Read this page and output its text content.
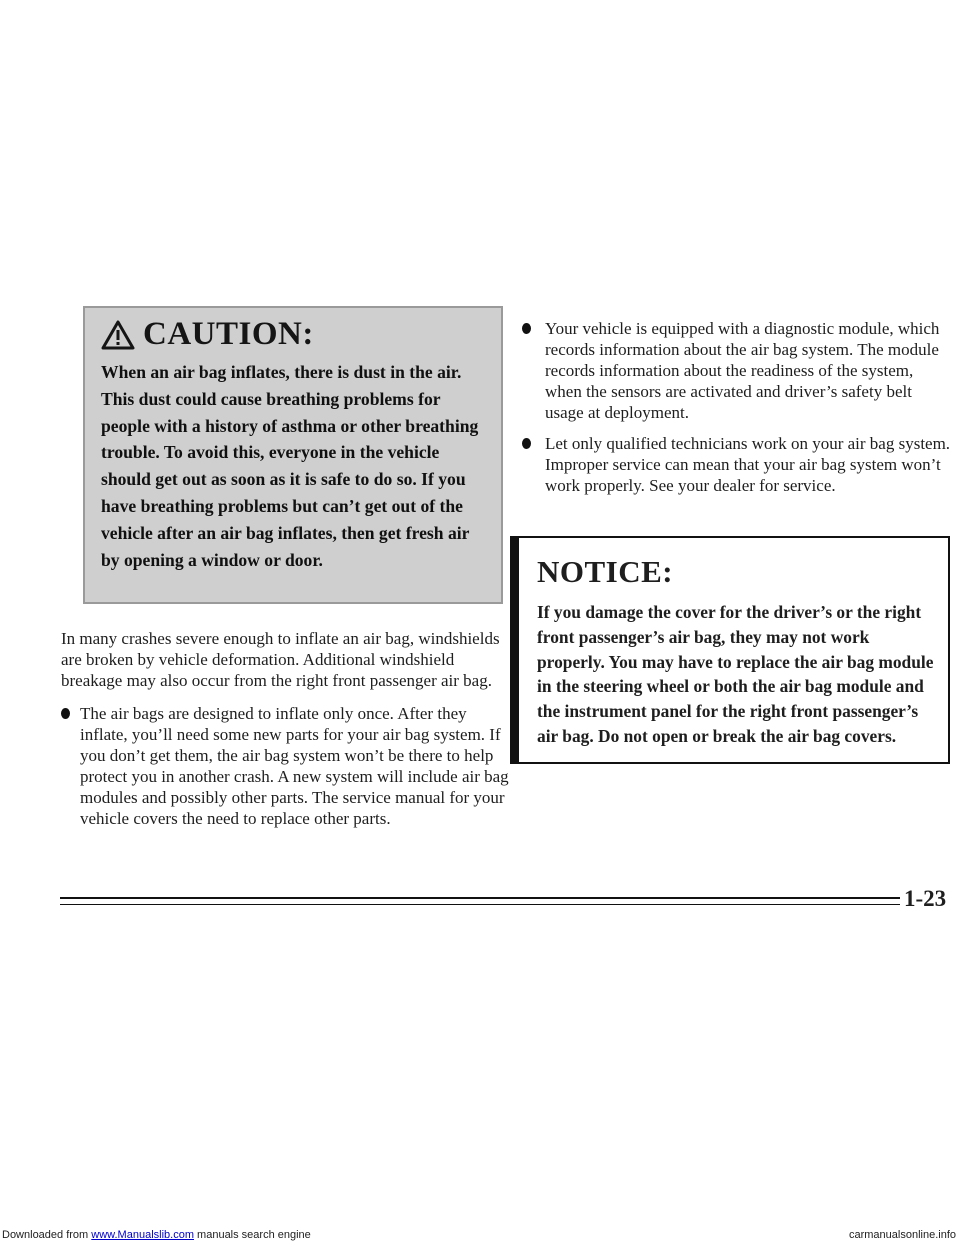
CAUTION:

When an air bag inflates, there is dust in the air. This dust could cause breathing problems for people with a history of asthma or other breathing trouble. To avoid this, everyone in the vehicle should get out as soon as it is safe to do so. If you have breathing problems but can’t get out of the vehicle after an air bag inflates, then get fresh air by opening a window or door.

In many crashes severe enough to inflate an air bag, windshields are broken by vehicle deformation. Additional windshield breakage may also occur from the right front passenger air bag.

The air bags are designed to inflate only once. After they inflate, you’ll need some new parts for your air bag system. If you don’t get them, the air bag system won’t be there to help protect you in another crash. A new system will include air bag modules and possibly other parts. The service manual for your vehicle covers the need to replace other parts.
Your vehicle is equipped with a diagnostic module, which records information about the air bag system. The module records information about the readiness of the system, when the sensors are activated and driver’s safety belt usage at deployment.
Let only qualified technicians work on your air bag system. Improper service can mean that your air bag system won’t work properly. See your dealer for service.
NOTICE:

If you damage the cover for the driver’s or the right front passenger’s air bag, they may not work properly. You may have to replace the air bag module in the steering wheel or both the air bag module and the instrument panel for the right front passenger’s air bag. Do not open or break the air bag covers.

1-23
Downloaded from www.Manualslib.com manuals search engine	carmanualsonline.info
